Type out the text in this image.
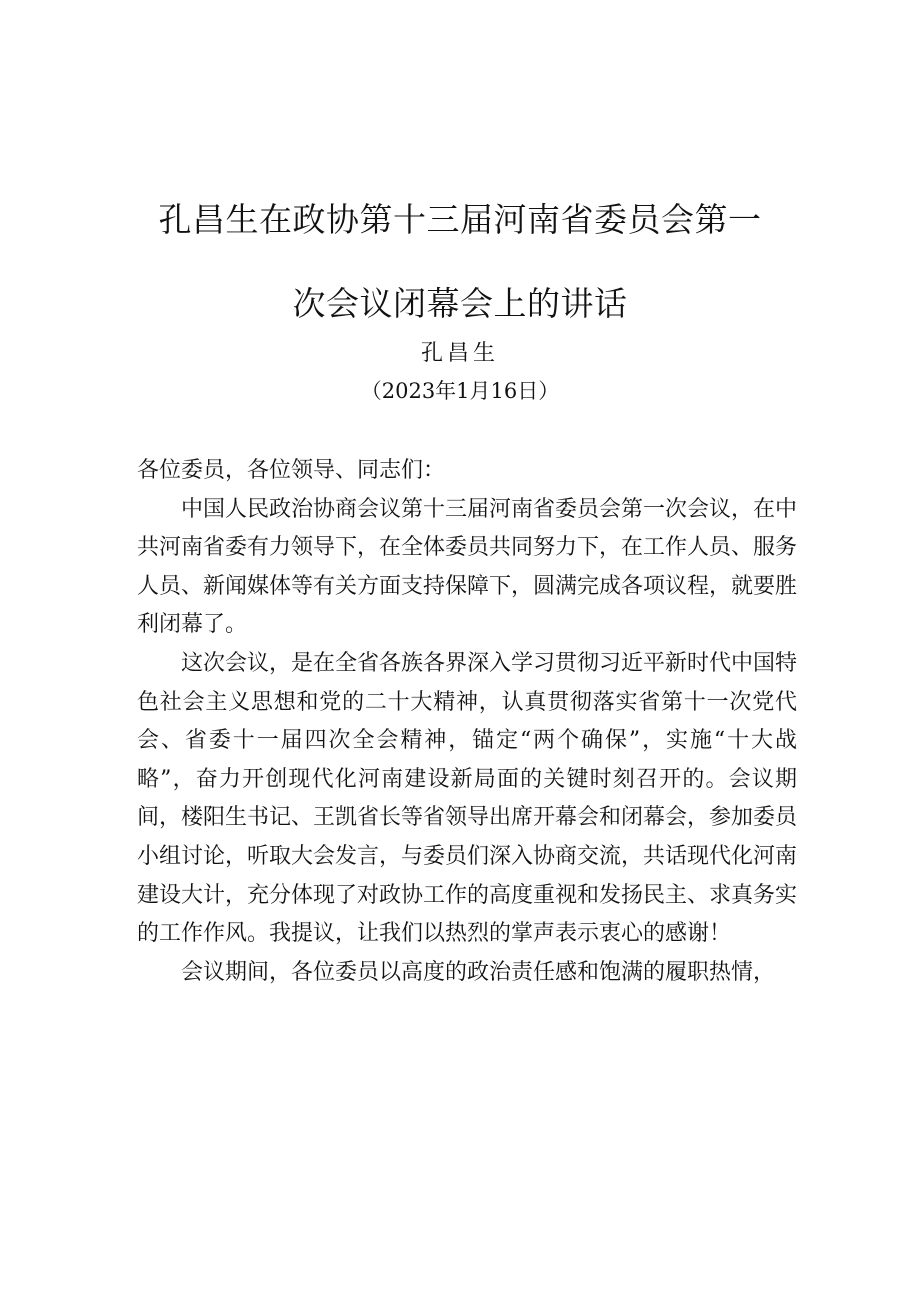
孔昌生在政协第十三届河南省委员会第一
次会议闭幕会上的讲话
孔昌生
（2023年1月16日）

各位委员，各位领导、同志们：

中国人民政治协商会议第十三届河南省委员会第一次会议，在中共河南省委有力领导下，在全体委员共同努力下，在工作人员、服务人员、新闻媒体等有关方面支持保障下，圆满完成各项议程，就要胜利闭幕了。

这次会议，是在全省各族各界深入学习贯彻习近平新时代中国特色社会主义思想和党的二十大精神，认真贯彻落实省第十一次党代会、省委十一届四次全会精神，锚定“两个确保”，实施“十大战略”，奋力开创现代化河南建设新局面的关键时刻召开的。会议期间，楼阳生书记、王凯省长等省领导出席开幕会和闭幕会，参加委员小组讨论，听取大会发言，与委员们深入协商交流，共话现代化河南建设大计，充分体现了对政协工作的高度重视和发扬民主、求真务实的工作作风。我提议，让我们以热烈的掌声表示衷心的感谢！

会议期间，各位委员以高度的政治责任感和饱满的履职热情，
